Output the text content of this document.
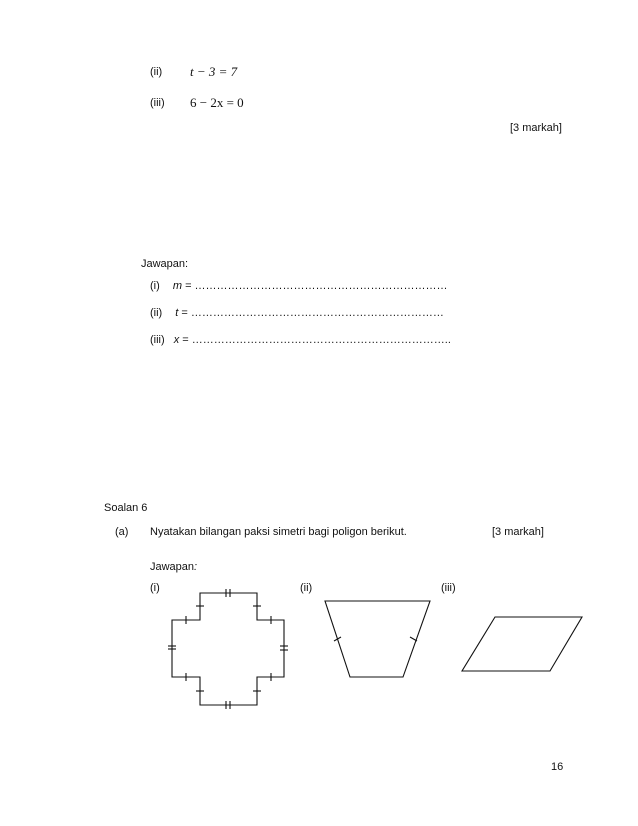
(ii) t − 3 = 7
(iii) 6 − 2x = 0
[3 markah]
Jawapan:
(i) m = ……………………………………………………………
(ii) t = ……………………………………………………………
(iii) x = ……………………………………………………………..
Soalan 6
(a) Nyatakan bilangan paksi simetri bagi poligon berikut.	[3 markah]
Jawapan:
(i)	(ii)	(iii)
16
